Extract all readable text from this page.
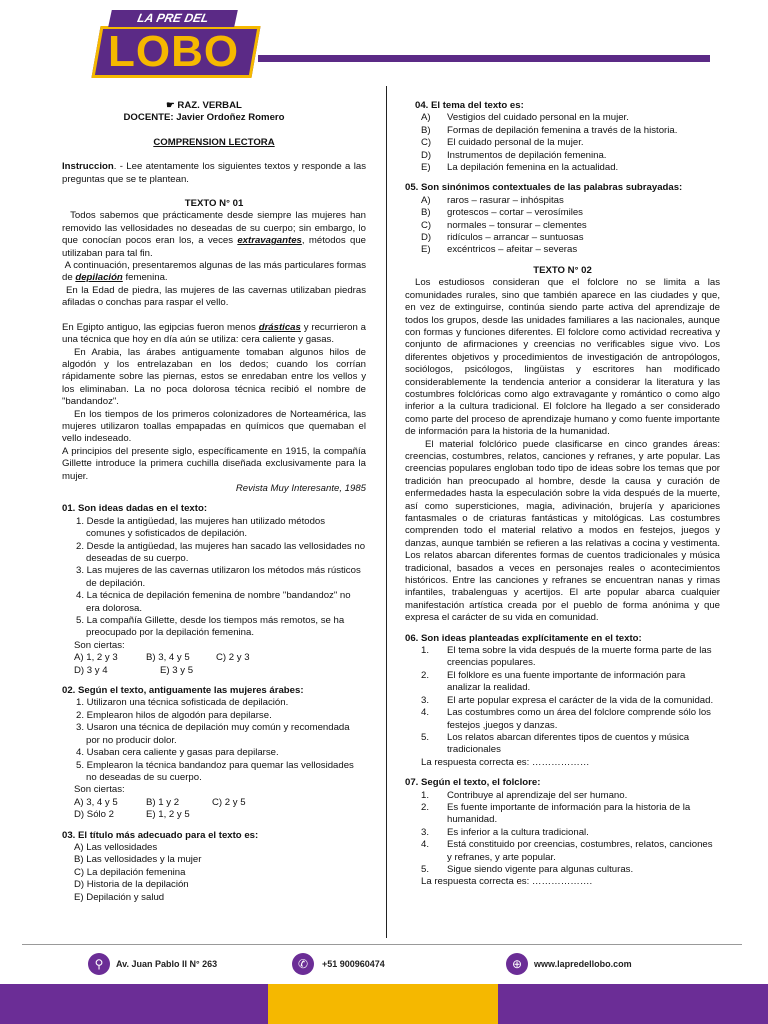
LA PRE DEL
LOBO

☛ RAZ. VERBAL

DOCENTE: Javier Ordoñez Romero

COMPRENSION LECTORA

Instruccion. - Lee atentamente los siguientes textos y responde a las preguntas que se te plantean.

TEXTO N° 01

Todos sabemos que prácticamente desde siempre las mujeres han removido las vellosidades no deseadas de su cuerpo; sin embargo, lo que conocían pocos eran los, a veces extravagantes, métodos que utilizaban para tal fin.

A continuación, presentaremos algunas de las más particulares formas de depilación femenina.

En la Edad de piedra, las mujeres de las cavernas utilizaban piedras afiladas o conchas para raspar el vello.

En Egipto antiguo, las egipcias fueron menos drásticas y recurrieron a una técnica que hoy en día aún se utiliza: cera caliente y gasas.

En Arabia, las árabes antiguamente tomaban algunos hilos de algodón y los entrelazaban en los dedos; cuando los corrían rápidamente sobre las piernas, estos se enredaban entre los vellos y los eliminaban. La no poca dolorosa técnica recibió el nombre de "bandandoz".

En los tiempos de los primeros colonizadores de Norteamérica, las mujeres utilizaron toallas empapadas en químicos que quemaban el vello indeseado.

A principios del presente siglo, específicamente en 1915, la compañía Gillette introduce la primera cuchilla diseñada exclusivamente para la mujer.

Revista Muy Interesante, 1985

01. Son ideas dadas en el texto:

1. Desde la antigüedad, las mujeres han utilizado métodos comunes y sofisticados de depilación.

2. Desde la antigüedad, las mujeres han sacado las vellosidades no deseadas de su cuerpo.

3. Las mujeres de las cavernas utilizaron los métodos más rústicos de depilación.

4. La técnica de depilación femenina de nombre "bandandoz" no era dolorosa.

5. La compañía Gillette, desde los tiempos más remotos, se ha preocupado por la depilación femenina.

Son ciertas:

A) 1, 2 y 3	B) 3, 4 y 5	C) 2 y 3
D) 3 y 4	E) 3 y 5

02. Según el texto, antiguamente las mujeres árabes:

1. Utilizaron una técnica sofisticada de depilación.

2. Emplearon hilos de algodón para depilarse.

3. Usaron una técnica de depilación muy común y recomendada por no producir dolor.

4. Usaban cera caliente y gasas para depilarse.

5. Emplearon la técnica bandandoz para quemar las vellosidades no deseadas de su cuerpo.

Son ciertas:

A) 3, 4 y 5	B) 1 y 2	C) 2 y 5
D) Sólo 2	E) 1, 2 y 5

03. El título más adecuado para el texto es:

A) Las vellosidades

B) Las vellosidades y la mujer

C) La depilación femenina

D) Historia de la depilación

E) Depilación y salud

04. El tema del texto es:

A)	Vestigios del cuidado personal en la mujer.
B)	Formas de depilación femenina a través de la historia.
C)	El cuidado personal de la mujer.
D)	Instrumentos de depilación femenina.
E)	La depilación femenina en la actualidad.

05. Son sinónimos contextuales de las palabras subrayadas:

A)	raros – rasurar – inhóspitas
B)	grotescos – cortar – verosímiles
C)	normales – tonsurar – clementes
D)	ridículos – arrancar – suntuosas
E)	excéntricos – afeitar – severas

TEXTO N° 02

Los estudiosos consideran que el folclore no se limita a las comunidades rurales, sino que también aparece en las ciudades y que, en vez de extinguirse, continúa siendo parte activa del aprendizaje de todos los grupos, desde las unidades familiares a las nacionales, aunque con formas y funciones diferentes. El folclore como actividad recreativa y conjunto de afirmaciones y creencias no verificables sigue vivo. Los diferentes objetivos y procedimientos de investigación de antropólogos, sociólogos, psicólogos, lingüistas y escritores han modificado considerablemente la tendencia anterior a considerar la literatura y las costumbres folclóricas como algo extravagante y romántico o como algo inferior a la cultura tradicional. El folclore ha llegado a ser considerado como parte del proceso de aprendizaje humano y como fuente importante de información para la historia de la humanidad.

El material folclórico puede clasificarse en cinco grandes áreas: creencias, costumbres, relatos, canciones y refranes, y arte popular. Las creencias populares engloban todo tipo de ideas sobre los temas que por tradición han preocupado al hombre, desde la causa y curación de enfermedades hasta la especulación sobre la vida después de la muerte, así como supersticiones, magia, adivinación, brujería y apariciones fantasmales o de criaturas fantásticas y mitológicas. Las costumbres comprenden todo el material relativo a modos en festejos, juegos y danzas, aunque también se refieren a las relativas a cocina y vestimenta. Los relatos abarcan diferentes formas de cuentos tradicionales y música tradicional, basados a veces en personajes reales o acontecimientos históricos. Entre las canciones y refranes se encuentran nanas y rimas infantiles, trabalenguas y acertijos. El arte popular abarca cualquier manifestación artística creada por el pueblo de forma anónima y que expresa el carácter de su vida en comunidad.

06. Son ideas planteadas explícitamente en el texto:

1.	El tema sobre la vida después de la muerte forma parte de las creencias populares.
2.	El folklore es una fuente importante de información para analizar la realidad.
3.	El arte popular expresa el carácter de la vida de la comunidad.
4.	Las costumbres como un área del folclore comprende sólo los festejos ,juegos y danzas.
5.	Los relatos abarcan diferentes tipos de cuentos y música tradicionales

La respuesta correcta es: ………………

07. Según el texto, el folclore:

1.	Contribuye al aprendizaje del ser humano.
2.	Es fuente importante de información para la historia de la humanidad.
3.	Es inferior a la cultura tradicional.
4.	Está constituido por creencias, costumbres, relatos, canciones y refranes, y arte popular.
5.	Sigue siendo vigente para algunas culturas.

La respuesta correcta es: ……………….

⚲	Av. Juan Pablo II N° 263	✆	+51 900960474	⊕	www.lapredellobo.com
